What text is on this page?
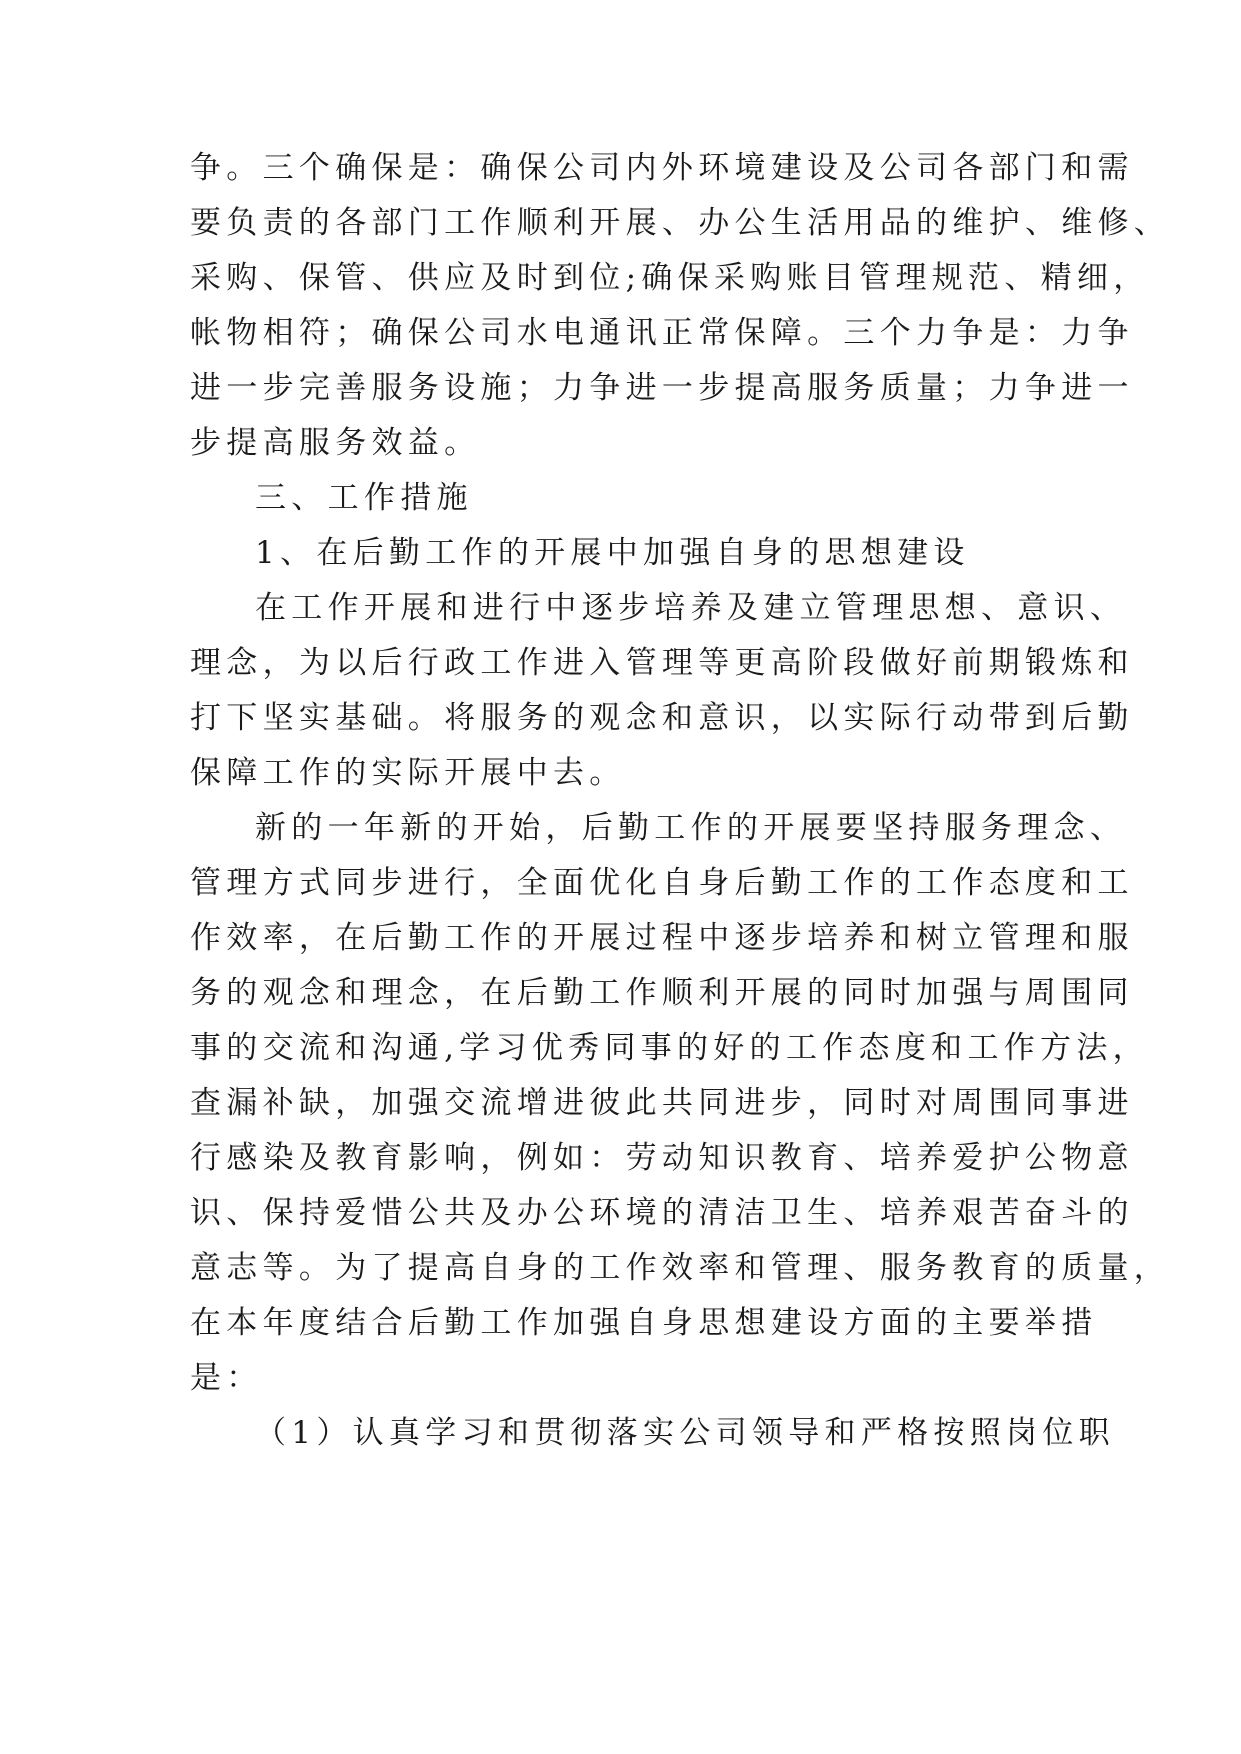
争。三个确保是：确保公司内外环境建设及公司各部门和需
要负责的各部门工作顺利开展、办公生活用品的维护、维修、
采购、保管、供应及时到位;确保采购账目管理规范、精细，
帐物相符；确保公司水电通讯正常保障。三个力争是：力争
进一步完善服务设施；力争进一步提高服务质量；力争进一
步提高服务效益。
三、工作措施
1、在后勤工作的开展中加强自身的思想建设
在工作开展和进行中逐步培养及建立管理思想、意识、
理念，为以后行政工作进入管理等更高阶段做好前期锻炼和
打下坚实基础。将服务的观念和意识，以实际行动带到后勤
保障工作的实际开展中去。
新的一年新的开始，后勤工作的开展要坚持服务理念、
管理方式同步进行，全面优化自身后勤工作的工作态度和工
作效率，在后勤工作的开展过程中逐步培养和树立管理和服
务的观念和理念，在后勤工作顺利开展的同时加强与周围同
事的交流和沟通,学习优秀同事的好的工作态度和工作方法，
查漏补缺，加强交流增进彼此共同进步，同时对周围同事进
行感染及教育影响，例如：劳动知识教育、培养爱护公物意
识、保持爱惜公共及办公环境的清洁卫生、培养艰苦奋斗的
意志等。为了提高自身的工作效率和管理、服务教育的质量，
在本年度结合后勤工作加强自身思想建设方面的主要举措
是：
（1）认真学习和贯彻落实公司领导和严格按照岗位职
